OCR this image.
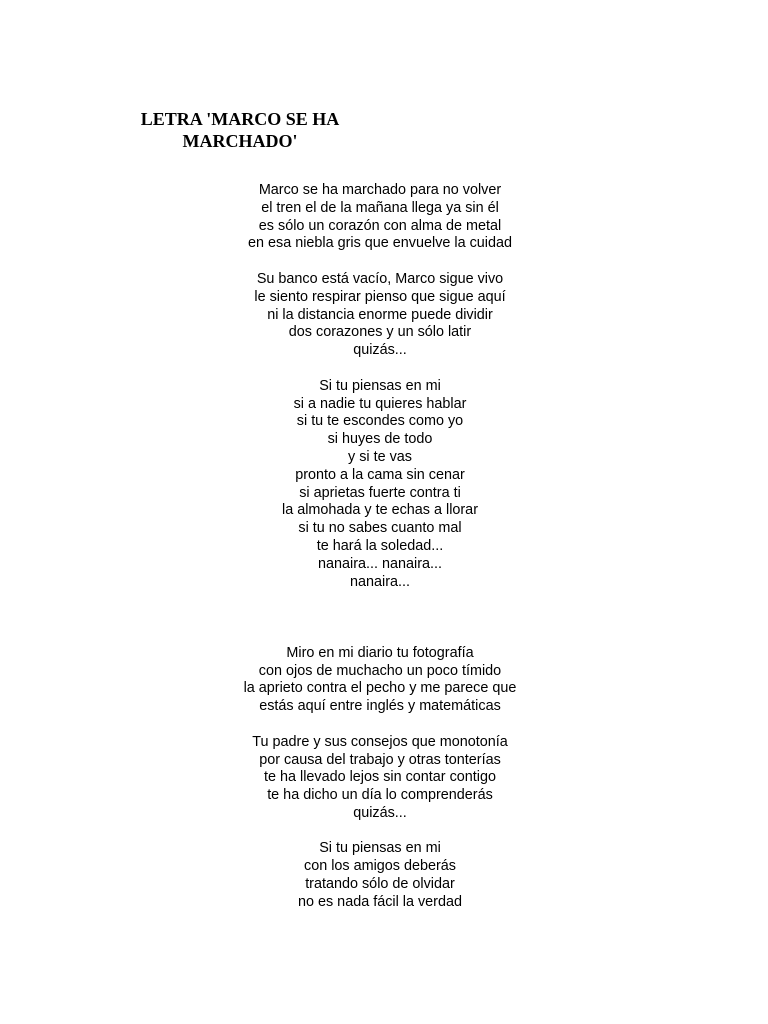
LETRA 'MARCO SE HA
MARCHADO'
Marco se ha marchado para no volver
el tren el de la mañana llega ya sin él
es sólo un corazón con alma de metal
en esa niebla gris que envuelve la cuidad
Su banco está vacío, Marco sigue vivo
le siento respirar pienso que sigue aquí
ni la distancia enorme puede dividir
dos corazones y un sólo latir
quizás...
Si tu piensas en mi
si a nadie tu quieres hablar
si tu te escondes como yo
si huyes de todo
y si te vas
pronto a la cama sin cenar
si aprietas fuerte contra ti
la almohada y te echas a llorar
si tu no sabes cuanto mal
te hará la soledad...
nanaira... nanaira...
nanaira...
Miro en mi diario tu fotografía
con ojos de muchacho un poco tímido
la aprieto contra el pecho y me parece que
estás aquí entre inglés y matemáticas
Tu padre y sus consejos que monotonía
por causa del trabajo y otras tonterías
te ha llevado lejos sin contar contigo
te ha dicho un día lo comprenderás
quizás...
Si tu piensas en mi
con los amigos deberás
tratando sólo de olvidar
no es nada fácil la verdad
